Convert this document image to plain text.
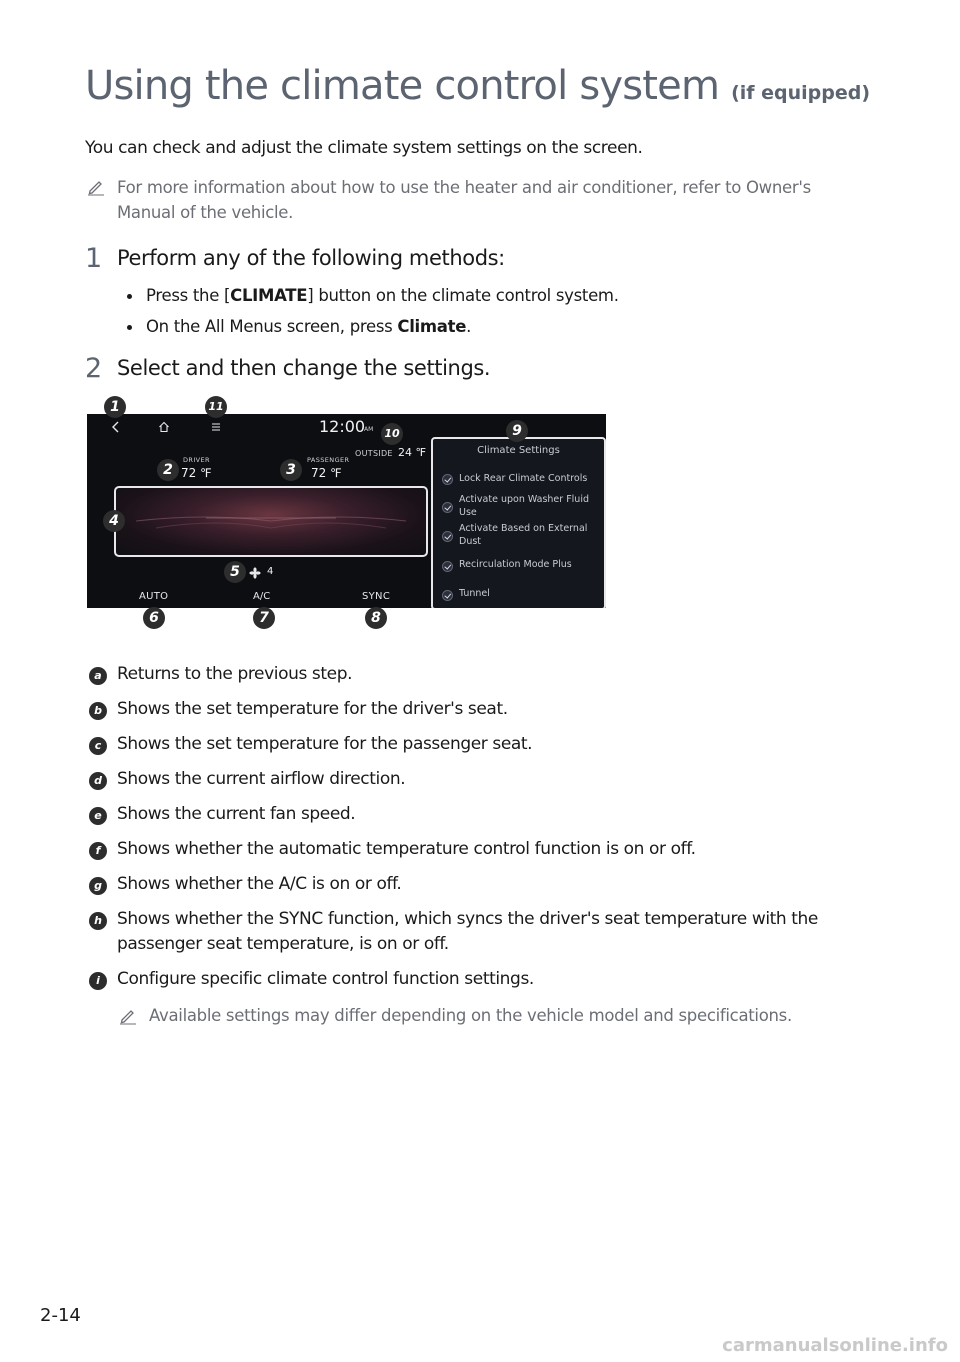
Using the climate control system (if equipped)
You can check and adjust the climate system settings on the screen.
For more information about how to use the heater and air conditioner, refer to Owner's
Manual of the vehicle.
1 Perform any of the following methods:
Press the [CLIMATE] button on the climate control system.
On the All Menus screen, press Climate.
2 Select and then change the settings.
12:00
AM
OUTSIDE 24 ℉
DRIVER
72 ℉
PASSENGER
72 ℉
4
AUTO	A/C	SYNC
Climate Settings
Lock Rear Climate Controls
Activate upon Washer Fluid
Use
Activate Based on External
Dust
Recirculation Mode Plus
Tunnel
1	11
10	9
2	3
4
5
6	7	8
a Returns to the previous step.
b Shows the set temperature for the driver's seat.
c Shows the set temperature for the passenger seat.
d Shows the current airflow direction.
e Shows the current fan speed.
f Shows whether the automatic temperature control function is on or off.
g Shows whether the A/C is on or off.
h Shows whether the SYNC function, which syncs the driver's seat temperature with the
passenger seat temperature, is on or off.
i	Configure specific climate control function settings.
Available settings may differ depending on the vehicle model and specifications.
2-14
carmanualsonline.info
